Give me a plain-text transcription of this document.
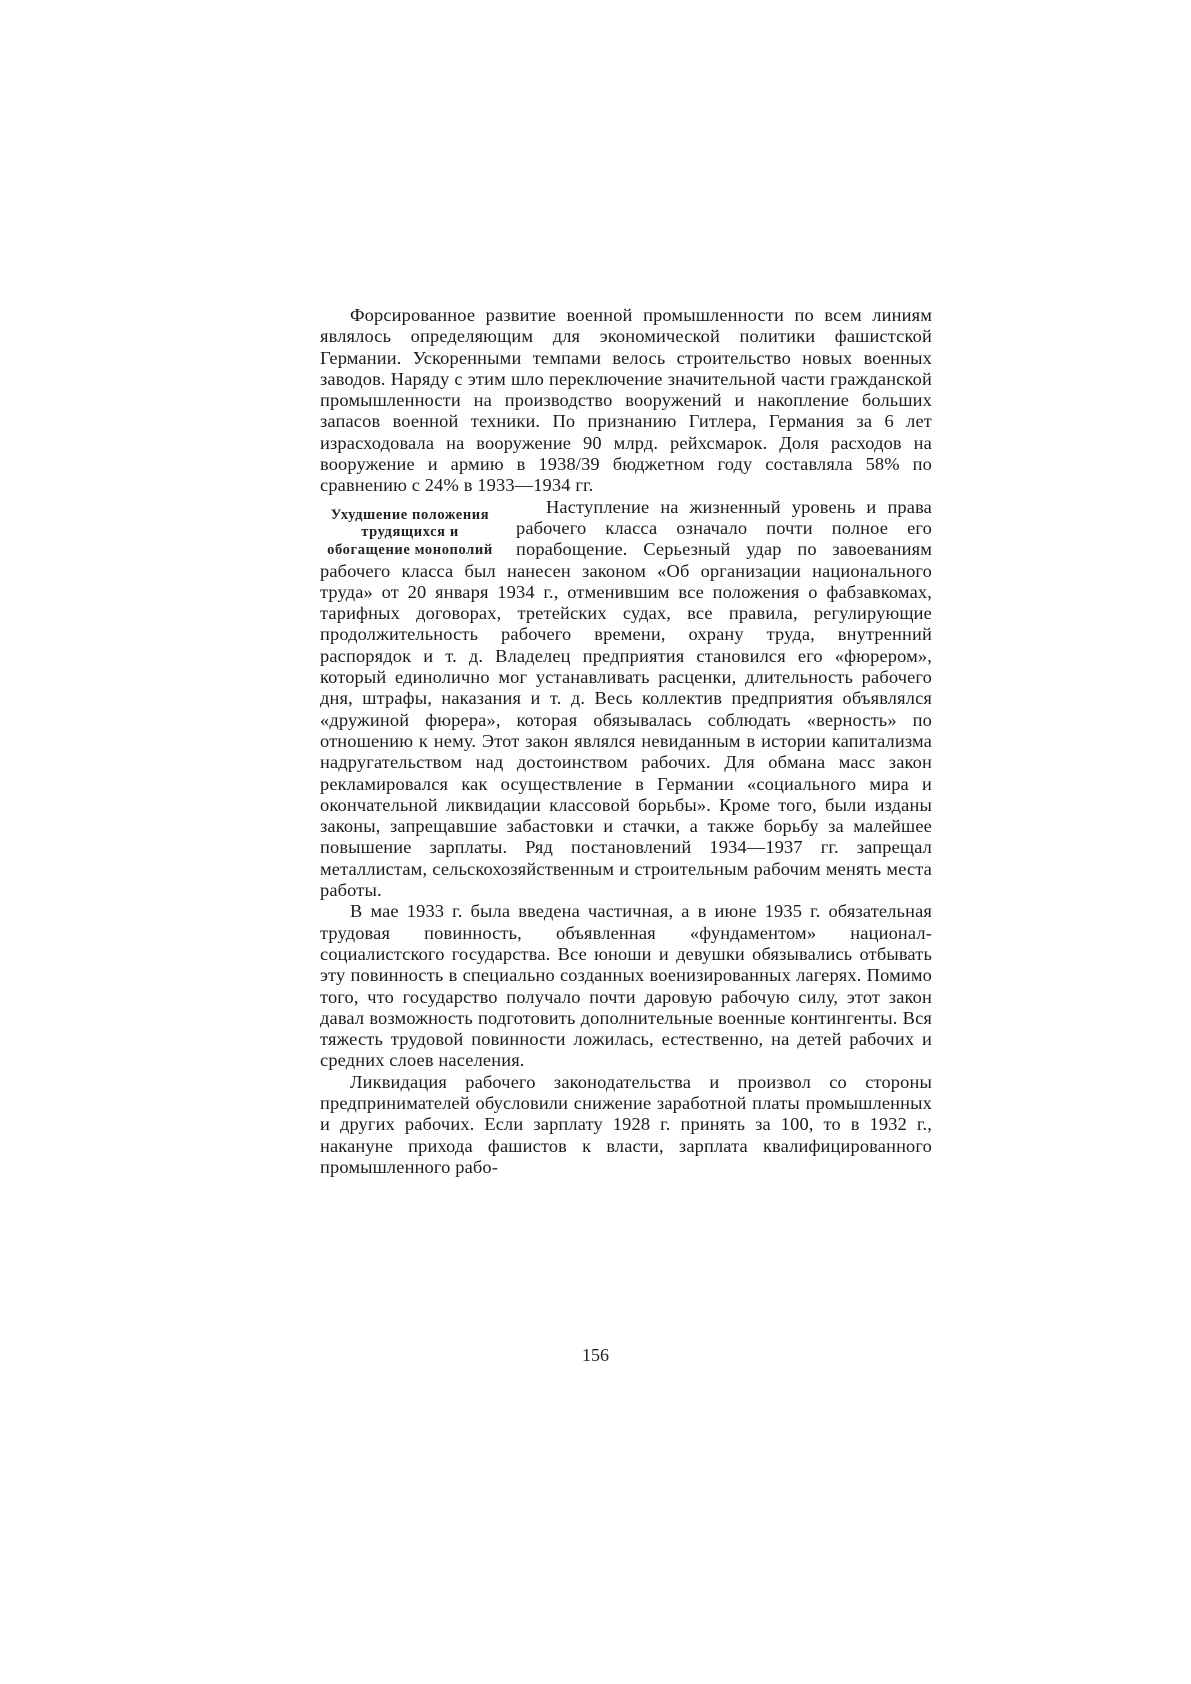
Форсированное развитие военной промышленности по всем линиям являлось определяющим для экономической политики фашистской Германии. Ускоренными темпами велось строительство новых военных заводов. Наряду с этим шло переключение значительной части гражданской промышленности на производство вооружений и накопление больших запасов военной техники. По признанию Гитлера, Германия за 6 лет израсходовала на вооружение 90 млрд. рейхсмарок. Доля расходов на вооружение и армию в 1938/39 бюджетном году составляла 58% по сравнению с 24% в 1933—1934 гг.

Ухудшение положения трудящихся и обогащение монополий

Наступление на жизненный уровень и права рабочего класса означало почти полное его порабощение. Серьезный удар по завоеваниям рабочего класса был нанесен законом «Об организации национального труда» от 20 января 1934 г., отменившим все положения о фабзавкомах, тарифных договорах, третейских судах, все правила, регулирующие продолжительность рабочего времени, охрану труда, внутренний распорядок и т. д. Владелец предприятия становился его «фюрером», который единолично мог устанавливать расценки, длительность рабочего дня, штрафы, наказания и т. д. Весь коллектив предприятия объявлялся «дружиной фюрера», которая обязывалась соблюдать «верность» по отношению к нему. Этот закон являлся невиданным в истории капитализма надругательством над достоинством рабочих. Для обмана масс закон рекламировался как осуществление в Германии «социального мира и окончательной ликвидации классовой борьбы». Кроме того, были изданы законы, запрещавшие забастовки и стачки, а также борьбу за малейшее повышение зарплаты. Ряд постановлений 1934—1937 гг. запрещал металлистам, сельскохозяйственным и строительным рабочим менять места работы.

В мае 1933 г. была введена частичная, а в июне 1935 г. обязательная трудовая повинность, объявленная «фундаментом» национал-социалистского государства. Все юноши и девушки обязывались отбывать эту повинность в специально созданных военизированных лагерях. Помимо того, что государство получало почти даровую рабочую силу, этот закон давал возможность подготовить дополнительные военные контингенты. Вся тяжесть трудовой повинности ложилась, естественно, на детей рабочих и средних слоев населения.

Ликвидация рабочего законодательства и произвол со стороны предпринимателей обусловили снижение заработной платы промышленных и других рабочих. Если зарплату 1928 г. принять за 100, то в 1932 г., накануне прихода фашистов к власти, зарплата квалифицированного промышленного рабо-

156
